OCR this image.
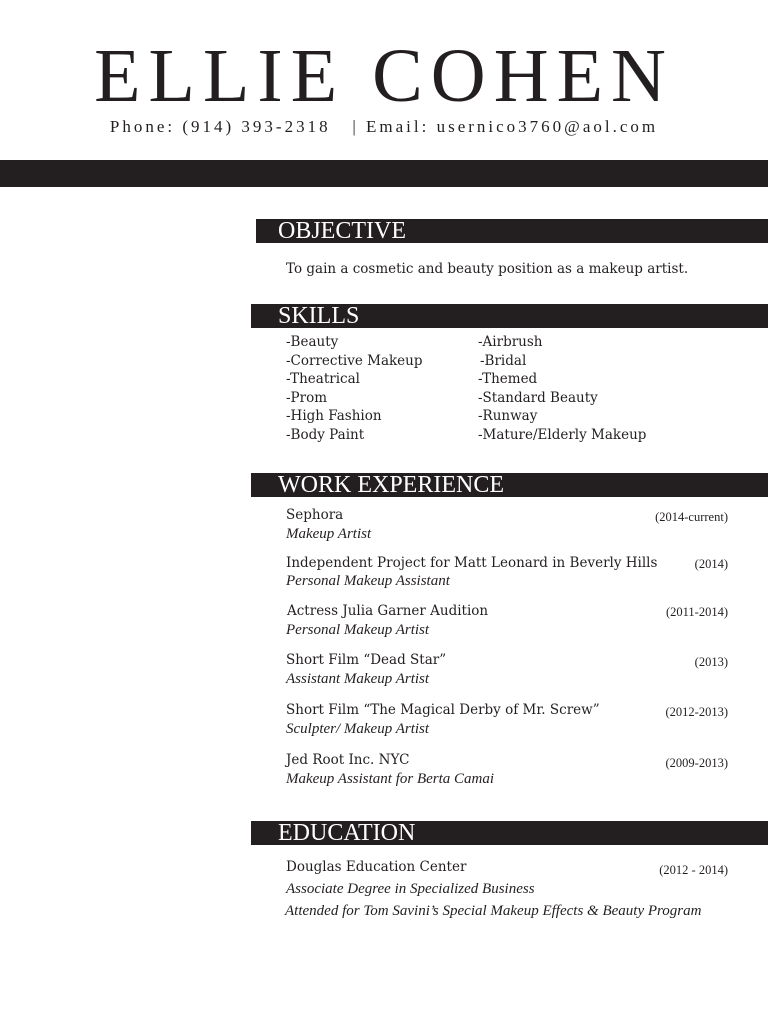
ELLIE COHEN
Phone: (914) 393-2318 | Email: usernico3760@aol.com
OBJECTIVE
To gain a cosmetic and beauty position as a makeup artist.
SKILLS
-Beauty
-Corrective Makeup
-Theatrical
-Prom
-High Fashion
-Body Paint
-Airbrush
-Bridal
-Themed
-Standard Beauty
-Runway
-Mature/Elderly Makeup
WORK EXPERIENCE
Sephora	(2014-current)
Makeup Artist
Independent Project for Matt Leonard in Beverly Hills	(2014)
Personal Makeup Assistant
Actress Julia Garner Audition	(2011-2014)
Personal Makeup Artist
Short Film “Dead Star”	(2013)
Assistant Makeup Artist
Short Film “The Magical Derby of Mr. Screw”	(2012-2013)
Sculpter/ Makeup Artist
Jed Root Inc. NYC	(2009-2013)
Makeup Assistant for Berta Camai
EDUCATION
Douglas Education Center	(2012 - 2014)
Associate Degree in Specialized Business
Attended for Tom Savini’s Special Makeup Effects & Beauty Program
